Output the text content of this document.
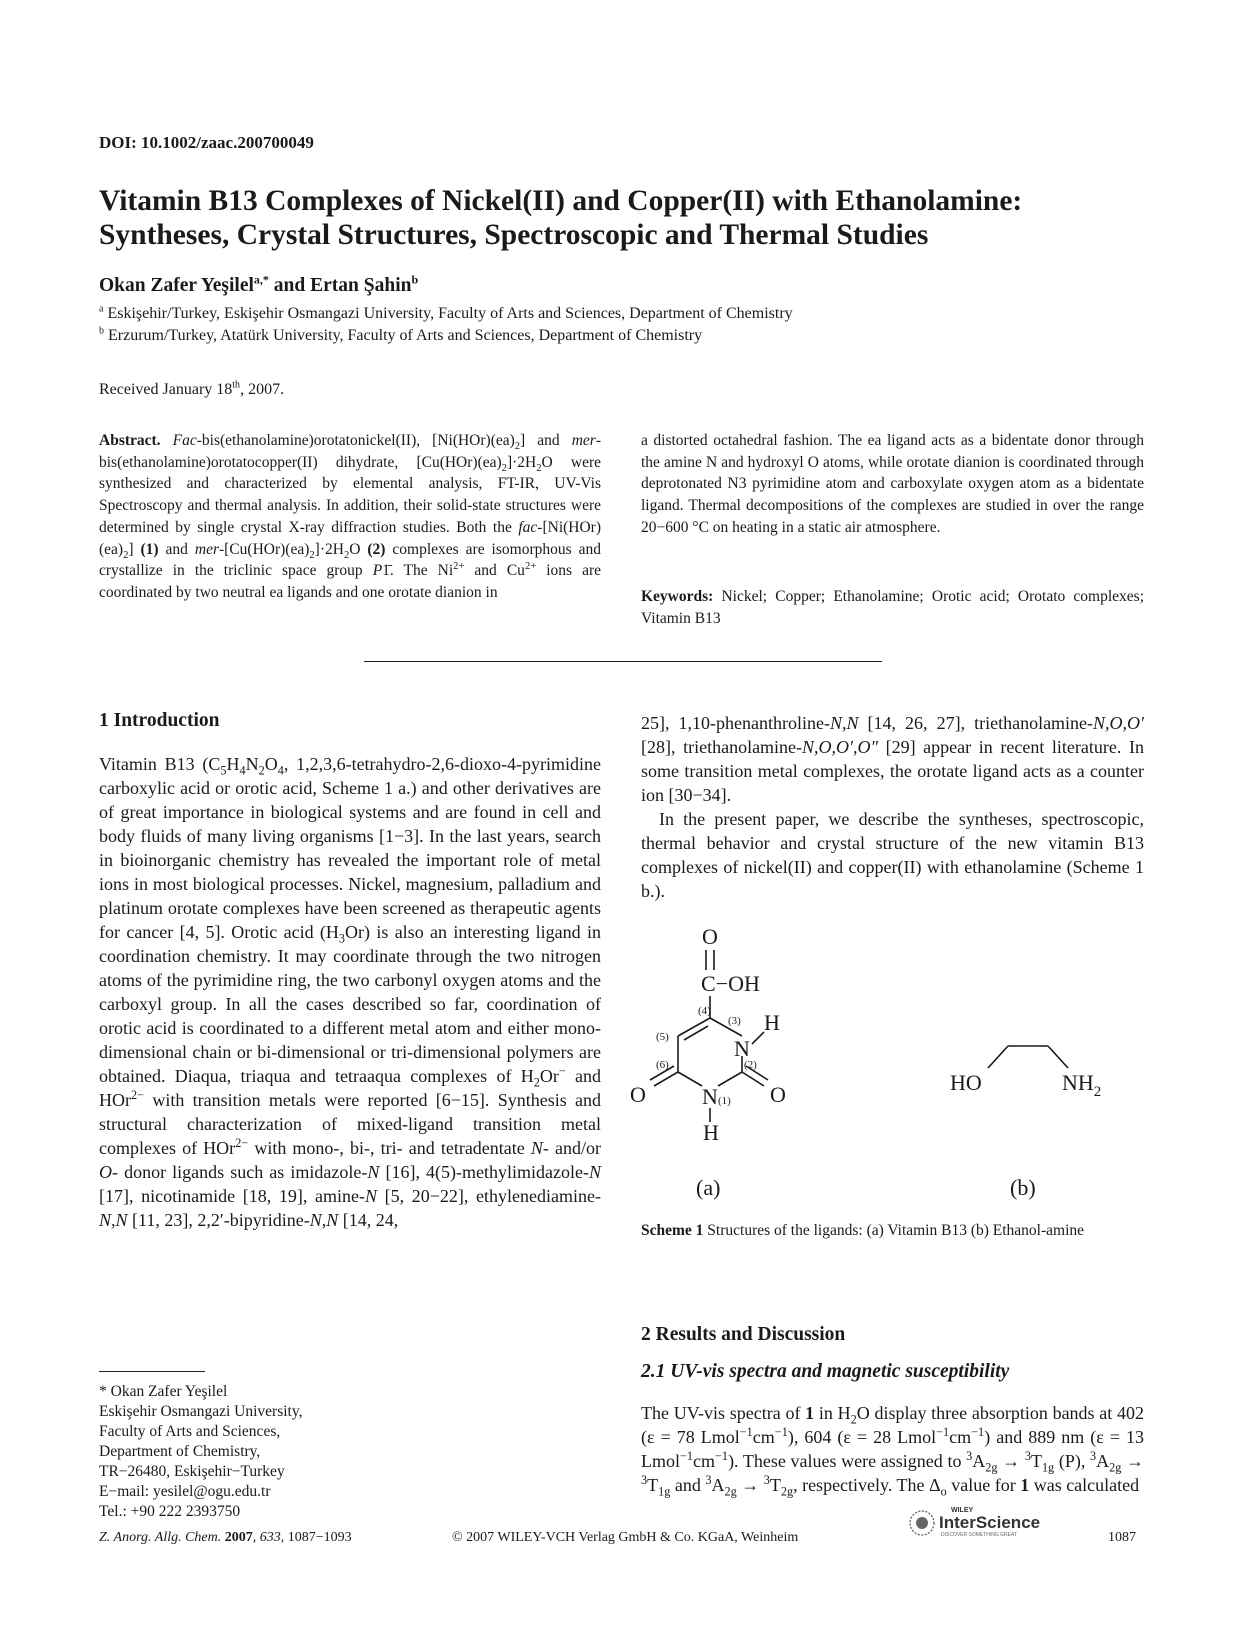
DOI: 10.1002/zaac.200700049
Vitamin B13 Complexes of Nickel(II) and Copper(II) with Ethanolamine:
Syntheses, Crystal Structures, Spectroscopic and Thermal Studies
Okan Zafer Yeşilel$^{a,*}$ and Ertan Şahin$^b$
$^a$ Eskişehir/Turkey, Eskişehir Osmangazi University, Faculty of Arts and Sciences, Department of Chemistry
$^b$ Erzurum/Turkey, Atatürk University, Faculty of Arts and Sciences, Department of Chemistry
Received January 18th, 2007.
Abstract. Fac-bis(ethanolamine)orotatonickel(II), $[Ni(HOr)(ea)_2]$ and mer-bis(ethanolamine)orotatocopper(II) dihydrate, $[Cu(HOr)(ea)_2]\cdot 2H_2O$ were synthesized and characterized by elemental analysis, FT-IR, UV-Vis Spectroscopy and thermal analysis. In addition, their solid-state structures were determined by single crystal X-ray diffraction studies. Both the fac-$[Ni(HOr)(ea)_2]$ (1) and mer-$[Cu(HOr)(ea)_2]\cdot 2H_2O$ (2) complexes are isomorphous and crystallize in the triclinic space group P1̄. The $Ni^{2+}$ and $Cu^{2+}$ ions are coordinated by two neutral ea ligands and one orotate dianion in
a distorted octahedral fashion. The ea ligand acts as a bidentate donor through the amine N and hydroxyl O atoms, while orotate dianion is coordinated through deprotonated N3 pyrimidine atom and carboxylate oxygen atom as a bidentate ligand. Thermal decompositions of the complexes are studied in over the range 20−600 °C on heating in a static air atmosphere.
Keywords: Nickel; Copper; Ethanolamine; Orotic acid; Orotato complexes; Vitamin B13
1 Introduction
Vitamin B13 ($C_5H_4N_2O_4$, 1,2,3,6-tetrahydro-2,6-dioxo-4-pyrimidine carboxylic acid or orotic acid, Scheme 1 a.) and other derivatives are of great importance in biological systems and are found in cell and body fluids of many living organisms [1−3]. In the last years, search in bioinorganic chemistry has revealed the important role of metal ions in most biological processes. Nickel, magnesium, palladium and platinum orotate complexes have been screened as therapeutic agents for cancer [4, 5]. Orotic acid $(H_3Or)$ is also an interesting ligand in coordination chemistry. It may coordinate through the two nitrogen atoms of the pyrimidine ring, the two carbonyl oxygen atoms and the carboxyl group. In all the cases described so far, coordination of orotic acid is coordinated to a different metal atom and either mono-dimensional chain or bi-dimensional or tri-dimensional polymers are obtained. Diaqua, triaqua and tetraaqua complexes of $H_2Or^-$ and HOr$^{2-}$ with transition metals were reported [6−15]. Synthesis and structural characterization of mixed-ligand transition metal complexes of HOr$^{2-}$ with mono-, bi-, tri- and tetradentate N- and/or O- donor ligands such as imidazole-N [16], 4(5)-methylimidazole-N [17], nicotinamide [18, 19], amine-N [5, 20−22], ethylenediamine-N,N [11, 23], 2,2′-bipyridine-N,N [14, 24,
25], 1,10-phenanthroline-N,N [14, 26, 27], triethanolamine-N,O,O′ [28], triethanolamine-N,O,O′,O″ [29] appear in recent literature. In some transition metal complexes, the orotate ligand acts as a counter ion [30−34].
In the present paper, we describe the syntheses, spectroscopic, thermal behavior and crystal structure of the new vitamin B13 complexes of nickel(II) and copper(II) with ethanolamine (Scheme 1 b.).
O
C−OH
N
H
N
H
O	O
(4)
(3)
(5)
(6)	(2)
(1)
(a)
HO	$NH_2$
(b)
Scheme 1 Structures of the ligands: (a) Vitamin B13 (b) Ethanol-amine
2 Results and Discussion
2.1 UV-vis spectra and magnetic susceptibility
The UV-vis spectra of 1 in $H_2O$ display three absorption bands at 402 (ε = 78 $Lmol^{-1}cm^{-1}$), 604 (ε = 28 $Lmol^{-1}cm^{-1}$) and 889 nm (ε = 13 $Lmol^{-1}cm^{-1}$). These values were assigned to $^3A_{2g} \to ^3T_{1g}$ (P), $^3A_{2g} \to ^3T_{1g}$ and $^3A_{2g} \to ^3T_{2g}$, respectively. The $\Delta_o$ value for 1 was calculated
* Okan Zafer Yeşilel
Eskişehir Osmangazi University,
Faculty of Arts and Sciences,
Department of Chemistry,
TR−26480, Eskişehir−Turkey
E−mail: yesilel@ogu.edu.tr
Tel.: +90 222 2393750
Z. Anorg. Allg. Chem. 2007, 633, 1087−1093	© 2007 WILEY-VCH Verlag GmbH & Co. KGaA, Weinheim
WILEY
InterScience
DISCOVER SOMETHING GREAT	1087
